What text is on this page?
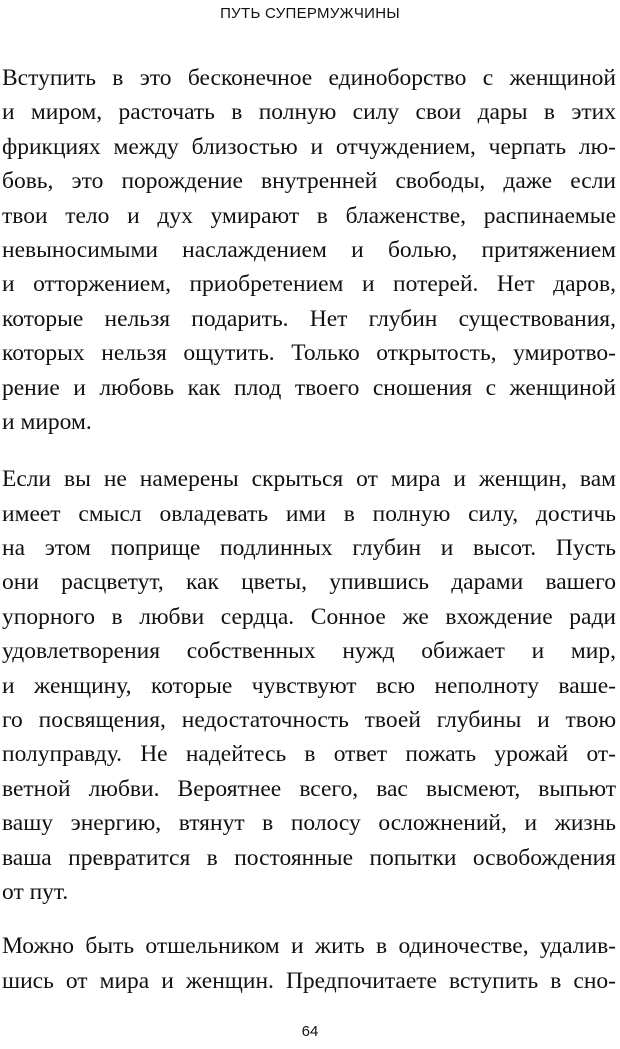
ПУТЬ СУПЕРМУЖЧИНЫ
Вступить в это бесконечное единоборство с женщиной
и миром, расточать в полную силу свои дары в этих
фрикциях между близостью и отчуждением, черпать лю-
бовь, это порождение внутренней свободы, даже если
твои тело и дух умирают в блаженстве, распинаемые
невыносимыми наслаждением и болью, притяжением
и отторжением, приобретением и потерей. Нет даров,
которые нельзя подарить. Нет глубин существования,
которых нельзя ощутить. Только открытость, умиротво-
рение и любовь как плод твоего сношения с женщиной
и миром.
Если вы не намерены скрыться от мира и женщин, вам
имеет смысл овладевать ими в полную силу, достичь
на этом поприще подлинных глубин и высот. Пусть
они расцветут, как цветы, упившись дарами вашего
упорного в любви сердца. Сонное же вхождение ради
удовлетворения собственных нужд обижает и мир,
и женщину, которые чувствуют всю неполноту ваше-
го посвящения, недостаточность твоей глубины и твою
полуправду. Не надейтесь в ответ пожать урожай от-
ветной любви. Вероятнее всего, вас высмеют, выпьют
вашу энергию, втянут в полосу осложнений, и жизнь
ваша превратится в постоянные попытки освобождения
от пут.
Можно быть отшельником и жить в одиночестве, удалив-
шись от мира и женщин. Предпочитаете вступить в сно-
64
